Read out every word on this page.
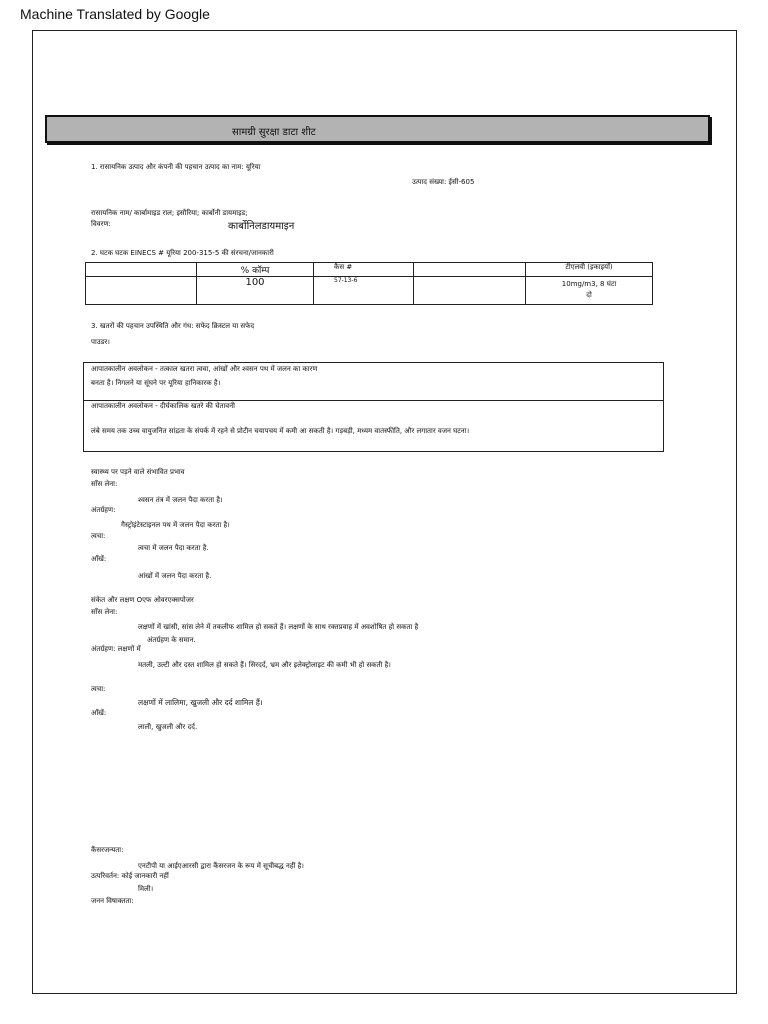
Machine Translated by Google
सामग्री सुरक्षा डाटा शीट
1. रासायनिक उत्पाद और कंपनी की पहचान उत्पाद का नाम: यूरिया
उत्पाद संख्या: ईसी-605
रासायनिक नाम/ कार्बामाइड राल; इसौरिया; कार्बोनी डायमाइड;
विवरण:	कार्बोनिलडायमाइन
2. घटक घटक EINECS # यूरिया 200-315-5 की संरचना/जानकारी
	% कॉम्प	कैस #		टीएलवी (इकाइयाँ)
	100	57-13-6		10mg/m3, 8 घंटा
दो
3. खतरों की पहचान उपस्थिति और गंध: सफेद क्रिस्टल या सफेद
पाउडर।
आपातकालीन अवलोकन - तत्काल खतरा त्वचा, आंखों और श्वसन पथ में जलन का कारण
बनता है। निगलने या सूंघने पर यूरिया हानिकारक है।
आपातकालीन अवलोकन - दीर्घकालिक खतरे की चेतावनी
लंबे समय तक उच्च वायुजनित सांद्रता के संपर्क में रहने से प्रोटीन चयापचय में कमी आ सकती है। गड़बड़ी, मध्यम वातस्फीति, और लगातार वजन घटना।
स्वास्थ्य पर पड़ने वाले संभावित प्रभाव
साँस लेना:
श्वसन तंत्र में जलन पैदा करता है।
अंतर्ग्रहण:
गैस्ट्रोइंटेस्टाइनल पथ में जलन पैदा करता है।
त्वचा:
त्वचा में जलन पैदा करता है.
आँखें:
आंखों में जलन पैदा करता है.
संकेत और लक्षण Oएफ ओवरएक्सपोजर
साँस लेना:
लक्षणों में खांसी, सांस लेने में तकलीफ शामिल हो सकते हैं। लक्षणों के साथ रक्तप्रवाह में अवशोषित हो सकता है
अंतर्ग्रहण के समान.
अंतर्ग्रहण: लक्षणों में
मतली, उल्टी और दस्त शामिल हो सकते हैं। सिरदर्द, भ्रम और इलेक्ट्रोलाइट की कमी भी हो सकती है।
त्वचा:
लक्षणों में लालिमा, खुजली और दर्द शामिल हैं।
आँखें:
लाली, खुजली और दर्द.
कैंसरजन्यता:
एनटीपी या आईएआरसी द्वारा कैंसरजन के रूप में सूचीबद्ध नहीं है।
उत्परिवर्तन: कोई जानकारी नहीं
मिली।
जनन विषाक्तता:
